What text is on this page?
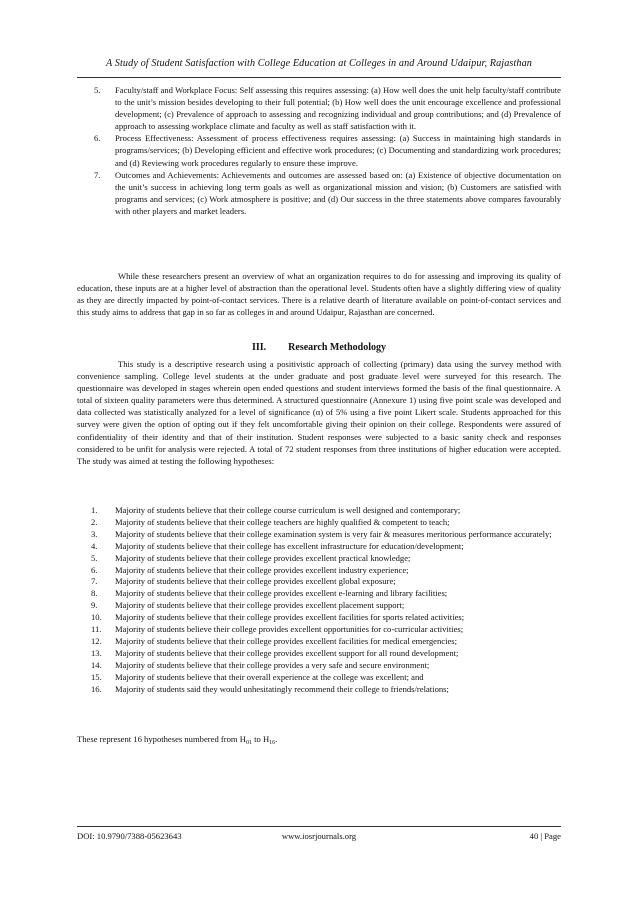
A Study of Student Satisfaction with College Education at Colleges in and Around Udaipur, Rajasthan
5. Faculty/staff and Workplace Focus: Self assessing this requires assessing: (a) How well does the unit help faculty/staff contribute to the unit’s mission besides developing to their full potential; (b) How well does the unit encourage excellence and professional development; (c) Prevalence of approach to assessing and recognizing individual and group contributions; and (d) Prevalence of approach to assessing workplace climate and faculty as well as staff satisfaction with it.
6. Process Effectiveness: Assessment of process effectiveness requires assessing: (a) Success in maintaining high standards in programs/services; (b) Developing efficient and effective work procedures; (c) Documenting and standardizing work procedures; and (d) Reviewing work procedures regularly to ensure these improve.
7. Outcomes and Achievements: Achievements and outcomes are assessed based on: (a) Existence of objective documentation on the unit’s success in achieving long term goals as well as organizational mission and vision; (b) Customers are satisfied with programs and services; (c) Work atmosphere is positive; and (d) Our success in the three statements above compares favourably with other players and market leaders.

While these researchers present an overview of what an organization requires to do for assessing and improving its quality of education, these inputs are at a higher level of abstraction than the operational level. Students often have a slightly differing view of quality as they are directly impacted by point-of-contact services. There is a relative dearth of literature available on point-of-contact services and this study aims to address that gap in so far as colleges in and around Udaipur, Rajasthan are concerned.

III. Research Methodology

This study is a descriptive research using a positivistic approach of collecting (primary) data using the survey method with convenience sampling. College level students at the under graduate and post graduate level were surveyed for this research. The questionnaire was developed in stages wherein open ended questions and student interviews formed the basis of the final questionnaire. A total of sixteen quality parameters were thus determined. A structured questionnaire (Annexure 1) using five point scale was developed and data collected was statistically analyzed for a level of significance (α) of 5% using a five point Likert scale. Students approached for this survey were given the option of opting out if they felt uncomfortable giving their opinion on their college. Respondents were assured of confidentiality of their identity and that of their institution. Student responses were subjected to a basic sanity check and responses considered to be unfit for analysis were rejected. A total of 72 student responses from three institutions of higher education were accepted. The study was aimed at testing the following hypotheses:

1. Majority of students believe that their college course curriculum is well designed and contemporary;
2. Majority of students believe that their college teachers are highly qualified & competent to teach;
3. Majority of students believe that their college examination system is very fair & measures meritorious performance accurately;
4. Majority of students believe that their college has excellent infrastructure for education/development;
5. Majority of students believe that their college provides excellent practical knowledge;
6. Majority of students believe that their college provides excellent industry experience;
7. Majority of students believe that their college provides excellent global exposure;
8. Majority of students believe that their college provides excellent e-learning and library facilities;
9. Majority of students believe that their college provides excellent placement support;
10. Majority of students believe that their college provides excellent facilities for sports related activities;
11. Majority of students believe their college provides excellent opportunities for co-curricular activities;
12. Majority of students believe that their college provides excellent facilities for medical emergencies;
13. Majority of students believe that their college provides excellent support for all round development;
14. Majority of students believe that their college provides a very safe and secure environment;
15. Majority of students believe that their overall experience at the college was excellent; and
16. Majority of students said they would unhesitatingly recommend their college to friends/relations;

These represent 16 hypotheses numbered from $H_{01}$ to $H_{16}$.

DOI: 10.9790/7388-05623643	www.iosrjournals.org	40 | Page
